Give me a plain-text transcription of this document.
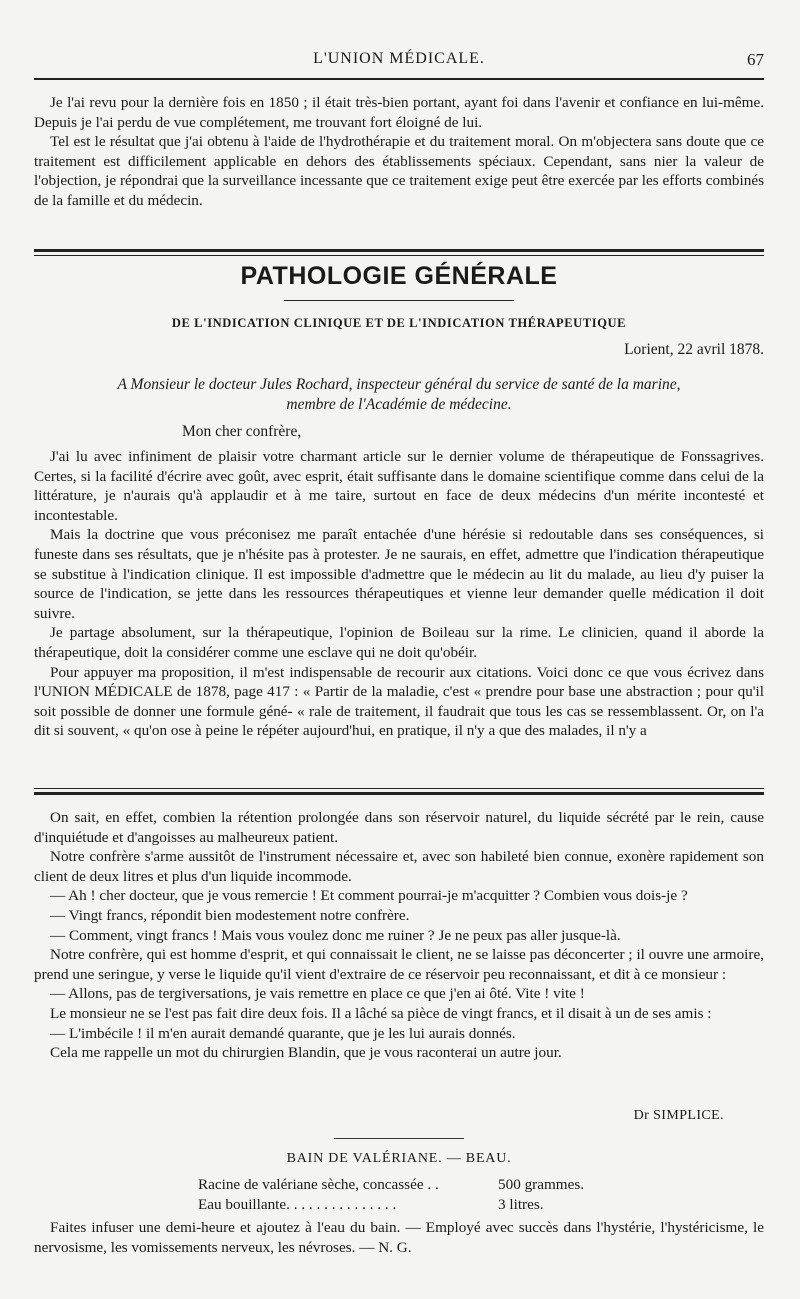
L'UNION MÉDICALE.	67

Je l'ai revu pour la dernière fois en 1850 ; il était très-bien portant, ayant foi dans l'avenir et confiance en lui-même. Depuis je l'ai perdu de vue complétement, me trouvant fort éloigné de lui.

Tel est le résultat que j'ai obtenu à l'aide de l'hydrothérapie et du traitement moral. On m'objectera sans doute que ce traitement est difficilement applicable en dehors des établissements spéciaux. Cependant, sans nier la valeur de l'objection, je répondrai que la surveillance incessante que ce traitement exige peut être exercée par les efforts combinés de la famille et du médecin.

PATHOLOGIE GÉNÉRALE
DE L'INDICATION CLINIQUE ET DE L'INDICATION THÉRAPEUTIQUE
Lorient, 22 avril 1878.
A Monsieur le docteur Jules Rochard, inspecteur général du service de santé de la marine,
membre de l'Académie de médecine.
Mon cher confrère,

J'ai lu avec infiniment de plaisir votre charmant article sur le dernier volume de thérapeutique de Fonssagrives. Certes, si la facilité d'écrire avec goût, avec esprit, était suffisante dans le domaine scientifique comme dans celui de la littérature, je n'aurais qu'à applaudir et à me taire, surtout en face de deux médecins d'un mérite incontesté et incontestable.

Mais la doctrine que vous préconisez me paraît entachée d'une hérésie si redoutable dans ses conséquences, si funeste dans ses résultats, que je n'hésite pas à protester. Je ne saurais, en effet, admettre que l'indication thérapeutique se substitue à l'indication clinique. Il est impossible d'admettre que le médecin au lit du malade, au lieu d'y puiser la source de l'indication, se jette dans les ressources thérapeutiques et vienne leur demander quelle médication il doit suivre.

Je partage absolument, sur la thérapeutique, l'opinion de Boileau sur la rime. Le clinicien, quand il aborde la thérapeutique, doit la considérer comme une esclave qui ne doit qu'obéir.

Pour appuyer ma proposition, il m'est indispensable de recourir aux citations. Voici donc ce que vous écrivez dans l'UNION MÉDICALE de 1878, page 417 : « Partir de la maladie, c'est « prendre pour base une abstraction ; pour qu'il soit possible de donner une formule géné- « rale de traitement, il faudrait que tous les cas se ressemblassent. Or, on l'a dit si souvent, « qu'on ose à peine le répéter aujourd'hui, en pratique, il n'y a que des malades, il n'y a

On sait, en effet, combien la rétention prolongée dans son réservoir naturel, du liquide sécrété par le rein, cause d'inquiétude et d'angoisses au malheureux patient.

Notre confrère s'arme aussitôt de l'instrument nécessaire et, avec son habileté bien connue, exonère rapidement son client de deux litres et plus d'un liquide incommode.

— Ah ! cher docteur, que je vous remercie ! Et comment pourrai-je m'acquitter ? Combien vous dois-je ?

— Vingt francs, répondit bien modestement notre confrère.

— Comment, vingt francs ! Mais vous voulez donc me ruiner ? Je ne peux pas aller jusque-là.

Notre confrère, qui est homme d'esprit, et qui connaissait le client, ne se laisse pas déconcerter ; il ouvre une armoire, prend une seringue, y verse le liquide qu'il vient d'extraire de ce réservoir peu reconnaissant, et dit à ce monsieur :

— Allons, pas de tergiversations, je vais remettre en place ce que j'en ai ôté. Vite ! vite !

Le monsieur ne se l'est pas fait dire deux fois. Il a lâché sa pièce de vingt francs, et il disait à un de ses amis :

— L'imbécile ! il m'en aurait demandé quarante, que je les lui aurais donnés.

Cela me rappelle un mot du chirurgien Blandin, que je vous raconterai un autre jour.

Dr SIMPLICE.
BAIN DE VALÉRIANE. — BEAU.
Racine de valériane sèche, concassée . .	500 grammes.
Eau bouillante. . . . . . . . . . . . . . .	3 litres.

Faites infuser une demi-heure et ajoutez à l'eau du bain. — Employé avec succès dans l'hystérie, l'hystéricisme, le nervosisme, les vomissements nerveux, les névroses. — N. G.
